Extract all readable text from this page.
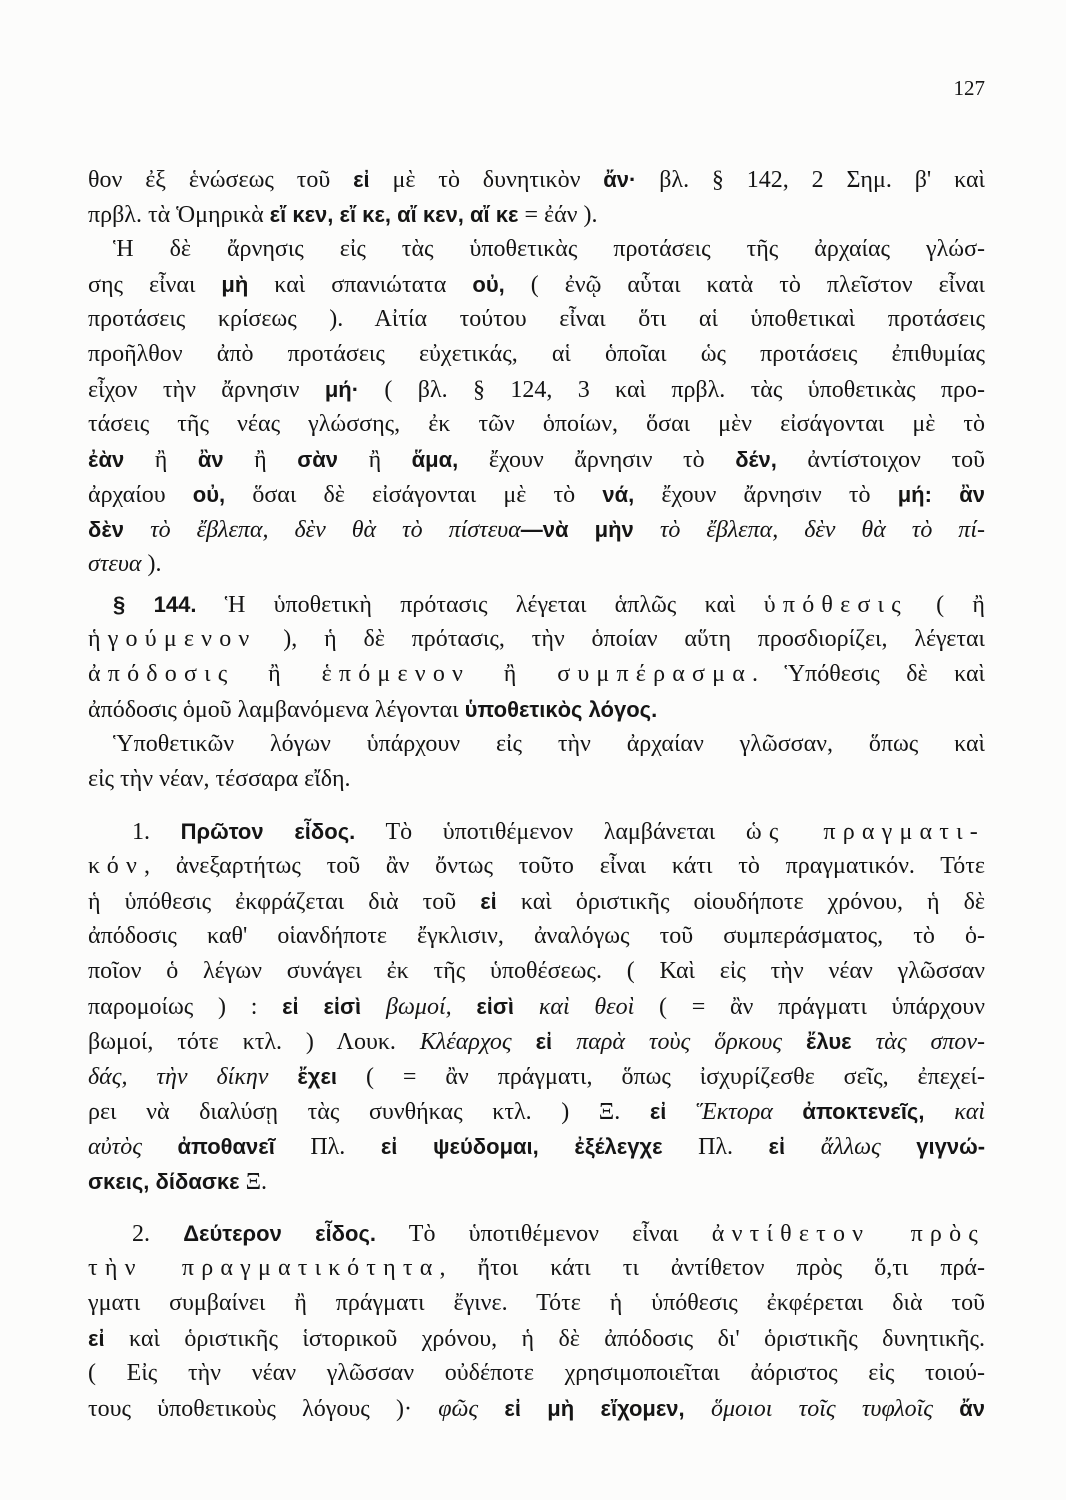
127
θον ἐξ ἑνώσεως τοῦ εἰ μὲ τὸ δυνητικὸν ἄν· βλ. § 142, 2 Σημ. β' καὶ
πρβλ. τὰ Ὁμηρικὰ εἴ κεν, εἴ κε, αἴ κεν, αἴ κε = ἐάν ).
Ἡ δὲ ἄρνησις εἰς τὰς ὑποθετικὰς προτάσεις τῆς ἀρχαίας γλώσ-
σης εἶναι μὴ καὶ σπανιώτατα οὐ, ( ἐνῷ αὗται κατὰ τὸ πλεῖστον εἶναι
προτάσεις κρίσεως ). Αἰτία τούτου εἶναι ὅτι αἱ ὑποθετικαὶ προτάσεις
προῆλθον ἀπὸ προτάσεις εὐχετικάς, αἱ ὁποῖαι ὡς προτάσεις ἐπιθυμίας
εἶχον τὴν ἄρνησιν μή· ( βλ. § 124, 3 καὶ πρβλ. τὰς ὑποθετικὰς προ-
τάσεις τῆς νέας γλώσσης, ἐκ τῶν ὁποίων, ὅσαι μὲν εἰσάγονται μὲ τὸ
ἐὰν ἢ ἂν ἢ σὰν ἢ ἅμα, ἔχουν ἄρνησιν τὸ δέν, ἀντίστοιχον τοῦ
ἀρχαίου οὐ, ὅσαι δὲ εἰσάγονται μὲ τὸ νά, ἔχουν ἄρνησιν τὸ μή: ἂν
δὲν τὸ ἔβλεπα, δὲν θὰ τὸ πίστευα—νὰ μὴν τὸ ἔβλεπα, δὲν θὰ τὸ πί-
στευα ).
§ 144. Ἡ ὑποθετικὴ πρότασις λέγεται ἁπλῶς καὶ ὑπόθεσις ( ἢ
ἡγούμενον ), ἡ δὲ πρότασις, τὴν ὁποίαν αὕτη προσδιορίζει, λέγεται
ἀπόδοσις ἢ ἑπόμενον ἢ συμπέρασμα. Ὑπόθεσις δὲ καὶ
ἀπόδοσις ὁμοῦ λαμβανόμενα λέγονται ὑποθετικὸς λόγος.
Ὑποθετικῶν λόγων ὑπάρχουν εἰς τὴν ἀρχαίαν γλῶσσαν, ὅπως καὶ
εἰς τὴν νέαν, τέσσαρα εἴδη.
1. Πρῶτον εἶδος. Τὸ ὑποτιθέμενον λαμβάνεται ὡς πραγματι-
κόν, ἀνεξαρτήτως τοῦ ἂν ὄντως τοῦτο εἶναι κάτι τὸ πραγματικόν. Τότε
ἡ ὑπόθεσις ἐκφράζεται διὰ τοῦ εἰ καὶ ὁριστικῆς οἱουδήποτε χρόνου, ἡ δὲ
ἀπόδοσις καθ' οἱανδήποτε ἔγκλισιν, ἀναλόγως τοῦ συμπεράσματος, τὸ ὁ-
ποῖον ὁ λέγων συνάγει ἐκ τῆς ὑποθέσεως. ( Καὶ εἰς τὴν νέαν γλῶσσαν
παρομοίως ) : εἰ εἰσὶ βωμοί, εἰσὶ καὶ θεοὶ ( = ἂν πράγματι ὑπάρχουν
βωμοί, τότε κτλ. ) Λουκ. Κλέαρχος εἰ παρὰ τοὺς ὅρκους ἔλυε τὰς σπον-
δάς, τὴν δίκην ἔχει ( = ἂν πράγματι, ὅπως ἰσχυρίζεσθε σεῖς, ἐπεχεί-
ρει νὰ διαλύσῃ τὰς συνθήκας κτλ. ) Ξ. εἰ Ἕκτορα ἀποκτενεῖς, καὶ
αὐτὸς ἀποθανεῖ Πλ. εἰ ψεύδομαι, ἐξέλεγχε Πλ. εἰ ἄλλως γιγνώ-
σκεις, δίδασκε Ξ.
2. Δεύτερον εἶδος. Τὸ ὑποτιθέμενον εἶναι ἀντίθετον πρὸς
τὴν πραγματικότητα, ἤτοι κάτι τι ἀντίθετον πρὸς ὅ,τι πρά-
γματι συμβαίνει ἢ πράγματι ἔγινε. Τότε ἡ ὑπόθεσις ἐκφέρεται διὰ τοῦ
εἰ καὶ ὁριστικῆς ἱστορικοῦ χρόνου, ἡ δὲ ἀπόδοσις δι' ὁριστικῆς δυνητικῆς.
( Εἰς τὴν νέαν γλῶσσαν οὐδέποτε χρησιμοποιεῖται ἀόριστος εἰς τοιού-
τους ὑποθετικοὺς λόγους )· φῶς εἰ μὴ εἴχομεν, ὅμοιοι τοῖς τυφλοῖς ἄν
